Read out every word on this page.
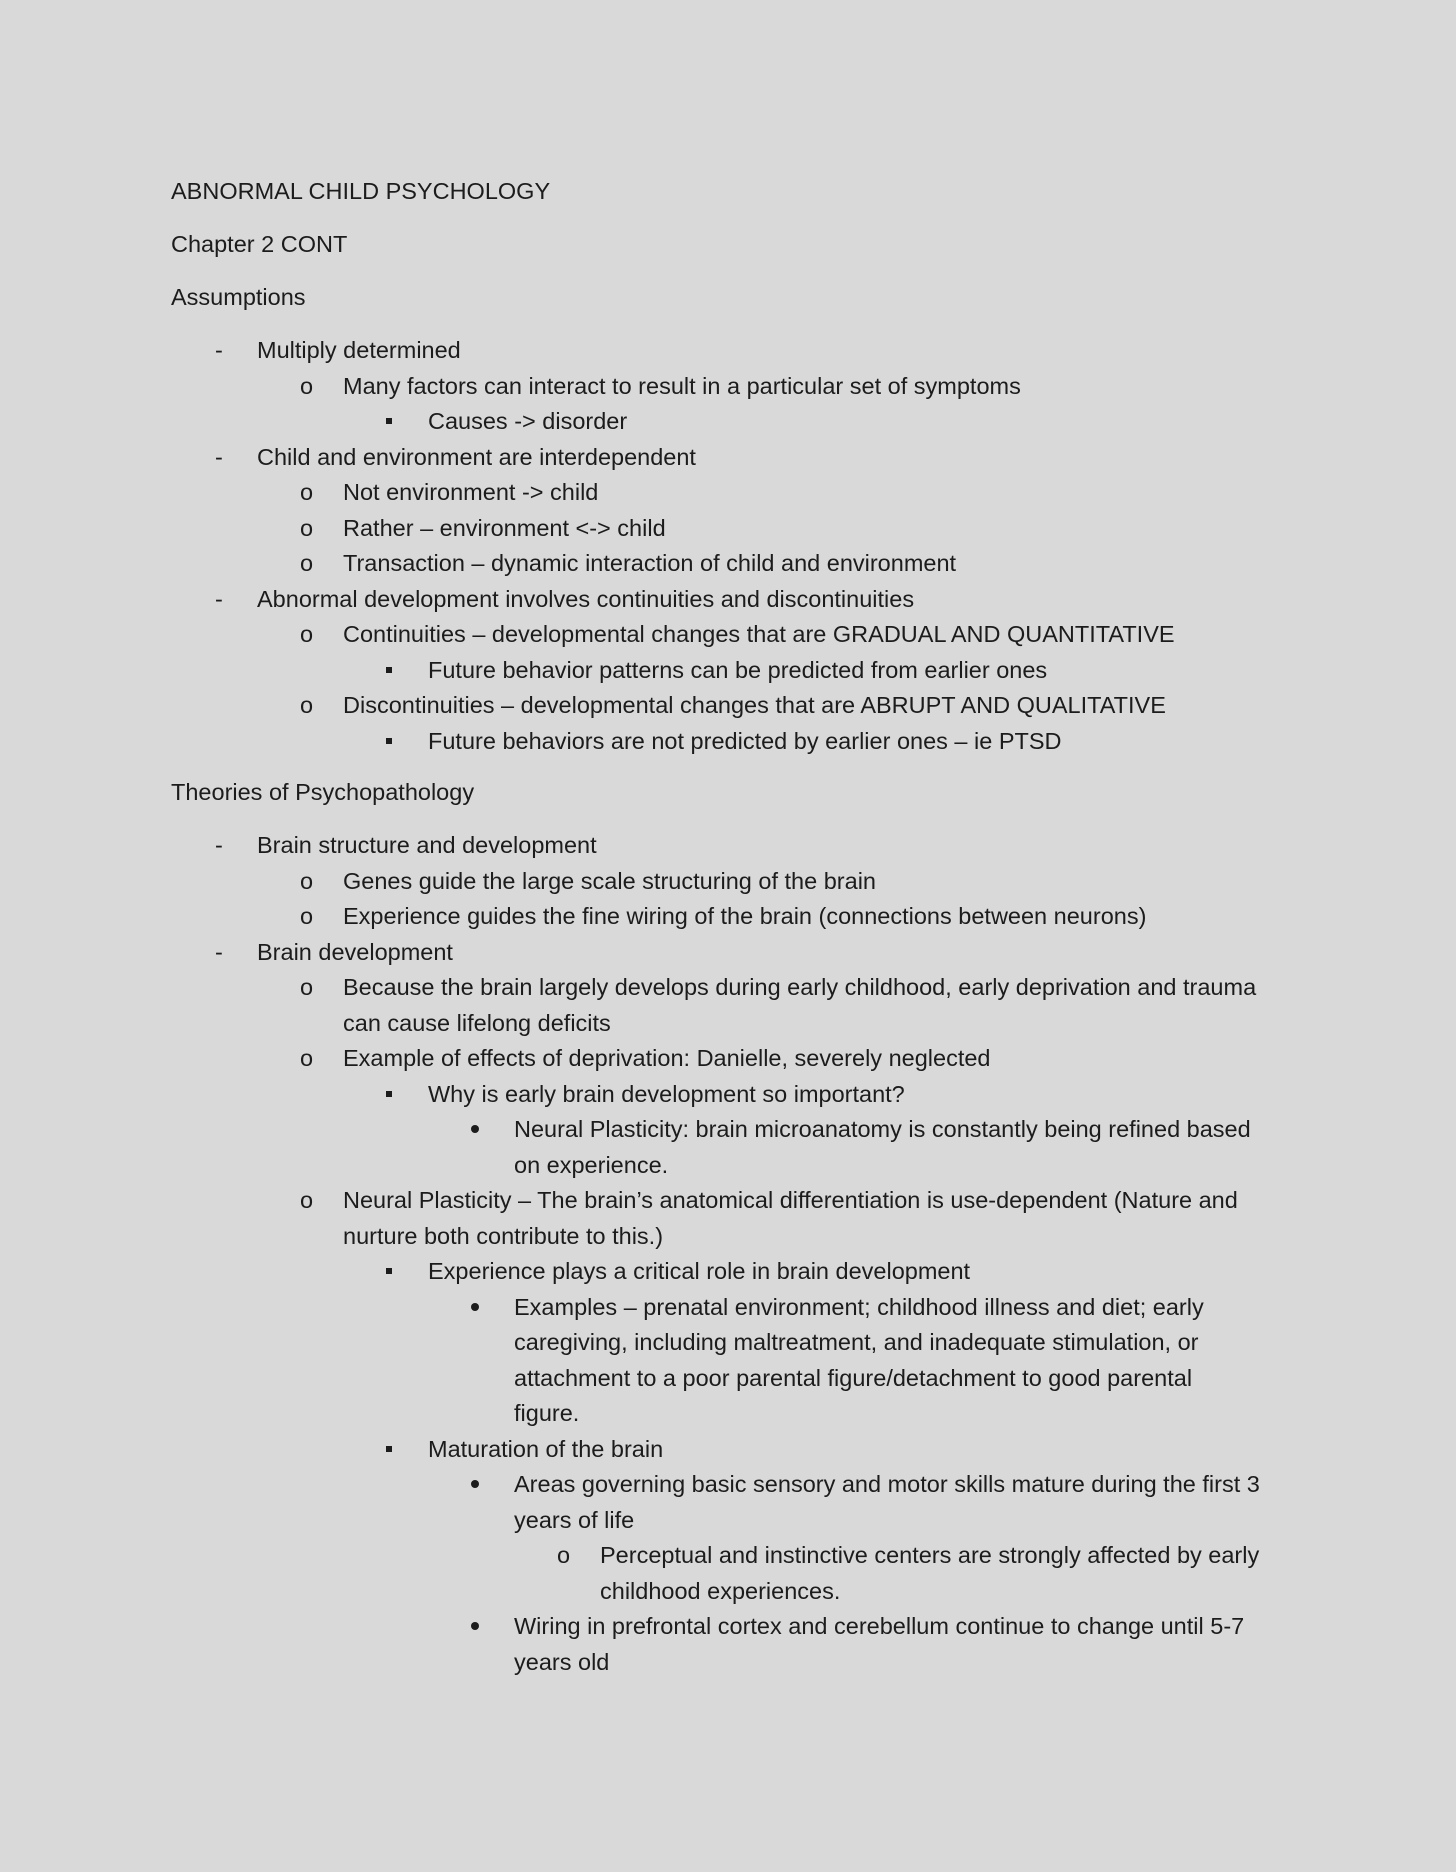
ABNORMAL CHILD PSYCHOLOGY
Chapter 2 CONT
Assumptions
-
Multiply determined
o
Many factors can interact to result in a particular set of symptoms
Causes -> disorder
-
Child and environment are interdependent
o
Not environment -> child
o
Rather – environment <-> child
o
Transaction – dynamic interaction of child and environment
-
Abnormal development involves continuities and discontinuities
o
Continuities – developmental changes that are GRADUAL AND QUANTITATIVE
Future behavior patterns can be predicted from earlier ones
o
Discontinuities – developmental changes that are ABRUPT AND QUALITATIVE
Future behaviors are not predicted by earlier ones – ie PTSD
Theories of Psychopathology
-
Brain structure and development
o
Genes guide the large scale structuring of the brain
o
Experience guides the fine wiring of the brain (connections between neurons)
-
Brain development
o
Because the brain largely develops during early childhood, early deprivation and trauma
can cause lifelong deficits
o
Example of effects of deprivation: Danielle, severely neglected
Why is early brain development so important?
Neural Plasticity: brain microanatomy is constantly being refined based
on experience.
o
Neural Plasticity – The brain’s anatomical differentiation is use-dependent (Nature and
nurture both contribute to this.)
Experience plays a critical role in brain development
Examples – prenatal environment; childhood illness and diet; early
caregiving, including maltreatment, and inadequate stimulation, or
attachment to a poor parental figure/detachment to good parental
figure.
Maturation of the brain
Areas governing basic sensory and motor skills mature during the first 3
years of life
o
Perceptual and instinctive centers are strongly affected by early
childhood experiences.
Wiring in prefrontal cortex and cerebellum continue to change until 5-7
years old
